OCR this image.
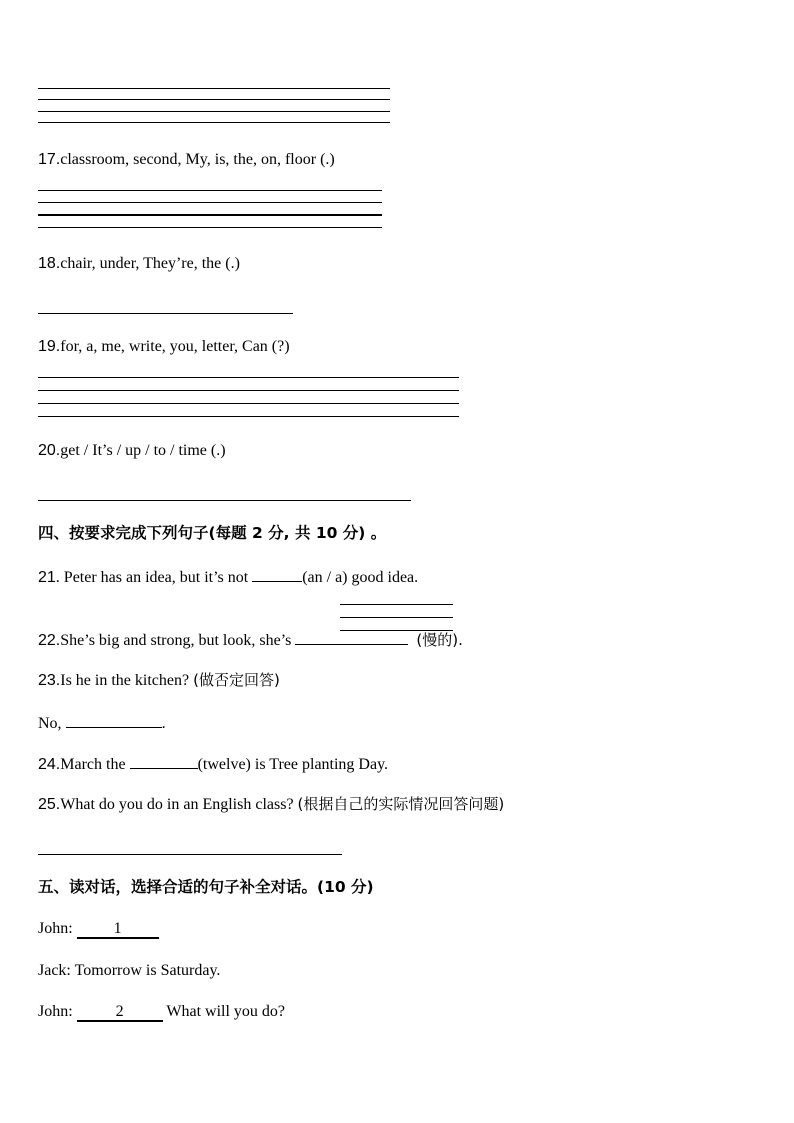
17.classroom, second, My, is, the, on, floor (.)
18.chair, under, They’re, the (.)
19.for, a, me, write, you, letter, Can (?)
20.get / It’s / up / to / time (.)
四、按要求完成下列句子(每题 2 分, 共 10 分) 。
21. Peter has an idea, but it’s not	(an / a) good idea.
22.She’s big and strong, but look, she’s	(慢的).
23.Is he in the kitchen? (做否定回答)
No,	.
24.March the	(twelve) is Tree planting Day.
25.What do you do in an English class? (根据自己的实际情况回答问题)
五、读对话，选择合适的句子补全对话。(10 分)
John: 1
Jack: Tomorrow is Saturday.
John: 2 What will you do?
